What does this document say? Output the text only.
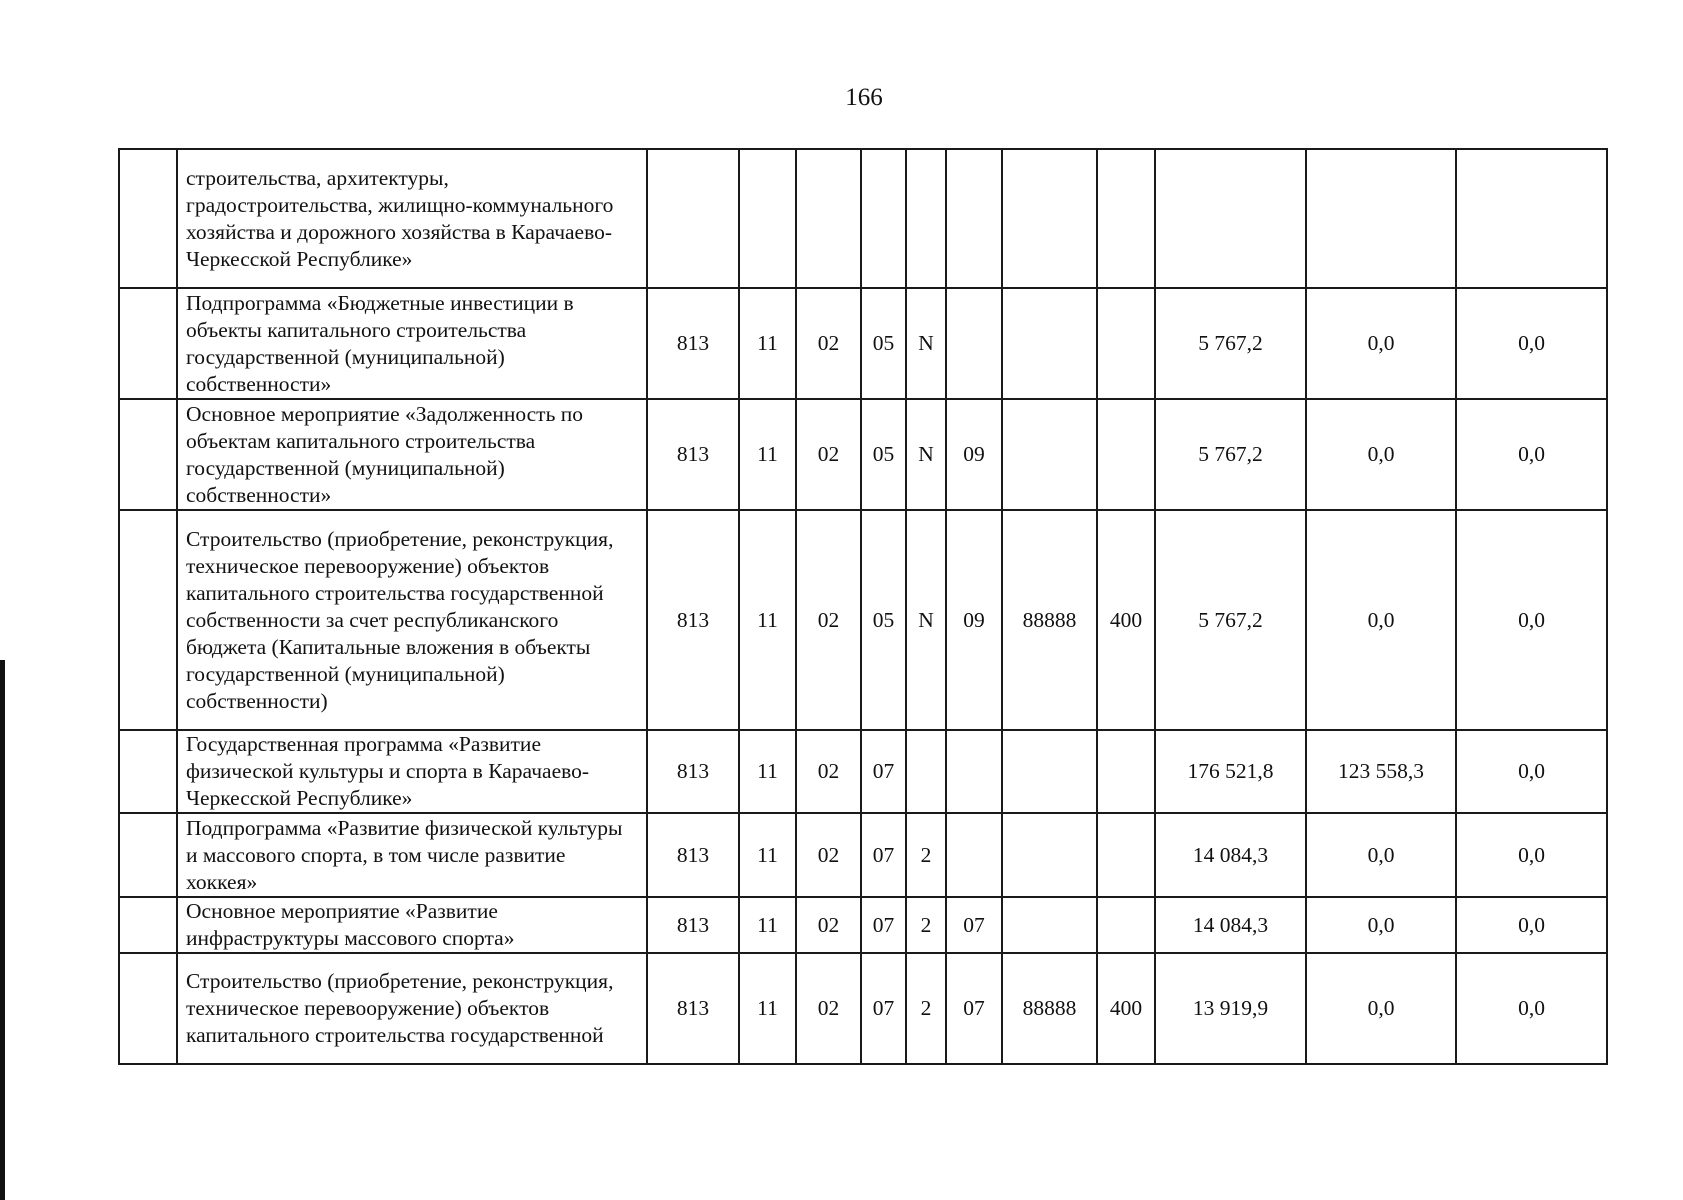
166
	строительства, архитектуры, градостроительства, жилищно-коммунального хозяйства и дорожного хозяйства в Карачаево-Черкесской Республике»											
	Подпрограмма «Бюджетные инвестиции в объекты капитального строительства государственной (муниципальной) собственности»	813	11	02	05	N				5 767,2	0,0	0,0
	Основное мероприятие «Задолженность по объектам капитального строительства государственной (муниципальной) собственности»	813	11	02	05	N	09			5 767,2	0,0	0,0
	Строительство (приобретение, реконструкция, техническое перевооружение) объектов капитального строительства государственной собственности за счет республиканского бюджета (Капитальные вложения в объекты государственной (муниципальной) собственности)	813	11	02	05	N	09	88888	400	5 767,2	0,0	0,0
	Государственная программа «Развитие физической культуры и спорта в Карачаево-Черкесской Республике»	813	11	02	07					176 521,8	123 558,3	0,0
	Подпрограмма «Развитие физической культуры и массового спорта, в том числе развитие хоккея»	813	11	02	07	2				14 084,3	0,0	0,0
	Основное мероприятие «Развитие инфраструктуры массового спорта»	813	11	02	07	2	07			14 084,3	0,0	0,0
	Строительство (приобретение, реконструкция, техническое перевооружение) объектов капитального строительства государственной	813	11	02	07	2	07	88888	400	13 919,9	0,0	0,0
